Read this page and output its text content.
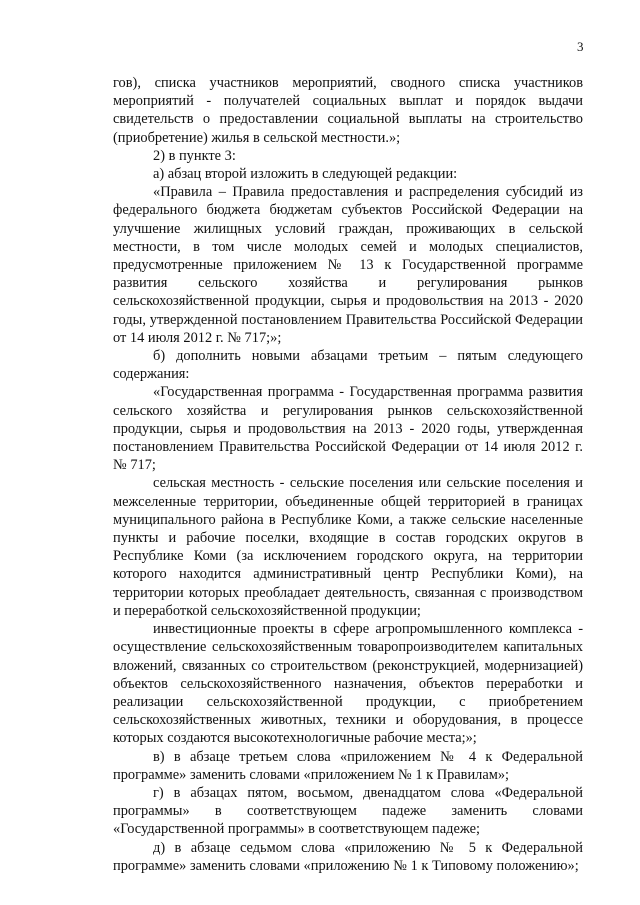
3

гов), списка участников мероприятий, сводного списка участников мероприятий - получателей социальных выплат и порядок выдачи свидетельств о предоставлении социальной выплаты на строительство (приобретение) жилья в сельской местности.»;

2) в пункте 3:

а) абзац второй изложить в следующей редакции:

«Правила – Правила предоставления и распределения субсидий из федерального бюджета бюджетам субъектов Российской Федерации на улучшение жилищных условий граждан, проживающих в сельской местности, в том числе молодых семей и молодых специалистов, предусмотренные приложением № 13 к Государственной программе развития сельского хозяйства и регулирования рынков сельскохозяйственной продукции, сырья и продовольствия на 2013 - 2020 годы, утвержденной постановлением Правительства Российской Федерации от 14 июля 2012 г. № 717;»;

б) дополнить новыми абзацами третьим – пятым следующего содержания:

«Государственная программа - Государственная программа развития сельского хозяйства и регулирования рынков сельскохозяйственной продукции, сырья и продовольствия на 2013 - 2020 годы, утвержденная постановлением Правительства Российской Федерации от 14 июля 2012 г. № 717;

сельская местность - сельские поселения или сельские поселения и межселенные территории, объединенные общей территорией в границах муниципального района в Республике Коми, а также сельские населенные пункты и рабочие поселки, входящие в состав городских округов в Республике Коми (за исключением городского округа, на территории которого находится административный центр Республики Коми), на территории которых преобладает деятельность, связанная с производством и переработкой сельскохозяйственной продукции;

инвестиционные проекты в сфере агропромышленного комплекса - осуществление сельскохозяйственным товаропроизводителем капитальных вложений, связанных со строительством (реконструкцией, модернизацией) объектов сельскохозяйственного назначения, объектов переработки и реализации сельскохозяйственной продукции, с приобретением сельскохозяйственных животных, техники и оборудования, в процессе которых создаются высокотехнологичные рабочие места;»;

в) в абзаце третьем слова «приложением № 4 к Федеральной программе» заменить словами «приложением № 1 к Правилам»;

г) в абзацах пятом, восьмом, двенадцатом слова «Федеральной программы» в соответствующем падеже заменить словами «Государственной программы» в соответствующем падеже;

д) в абзаце седьмом слова «приложению № 5 к Федеральной программе» заменить словами «приложению № 1 к Типовому положению»;
